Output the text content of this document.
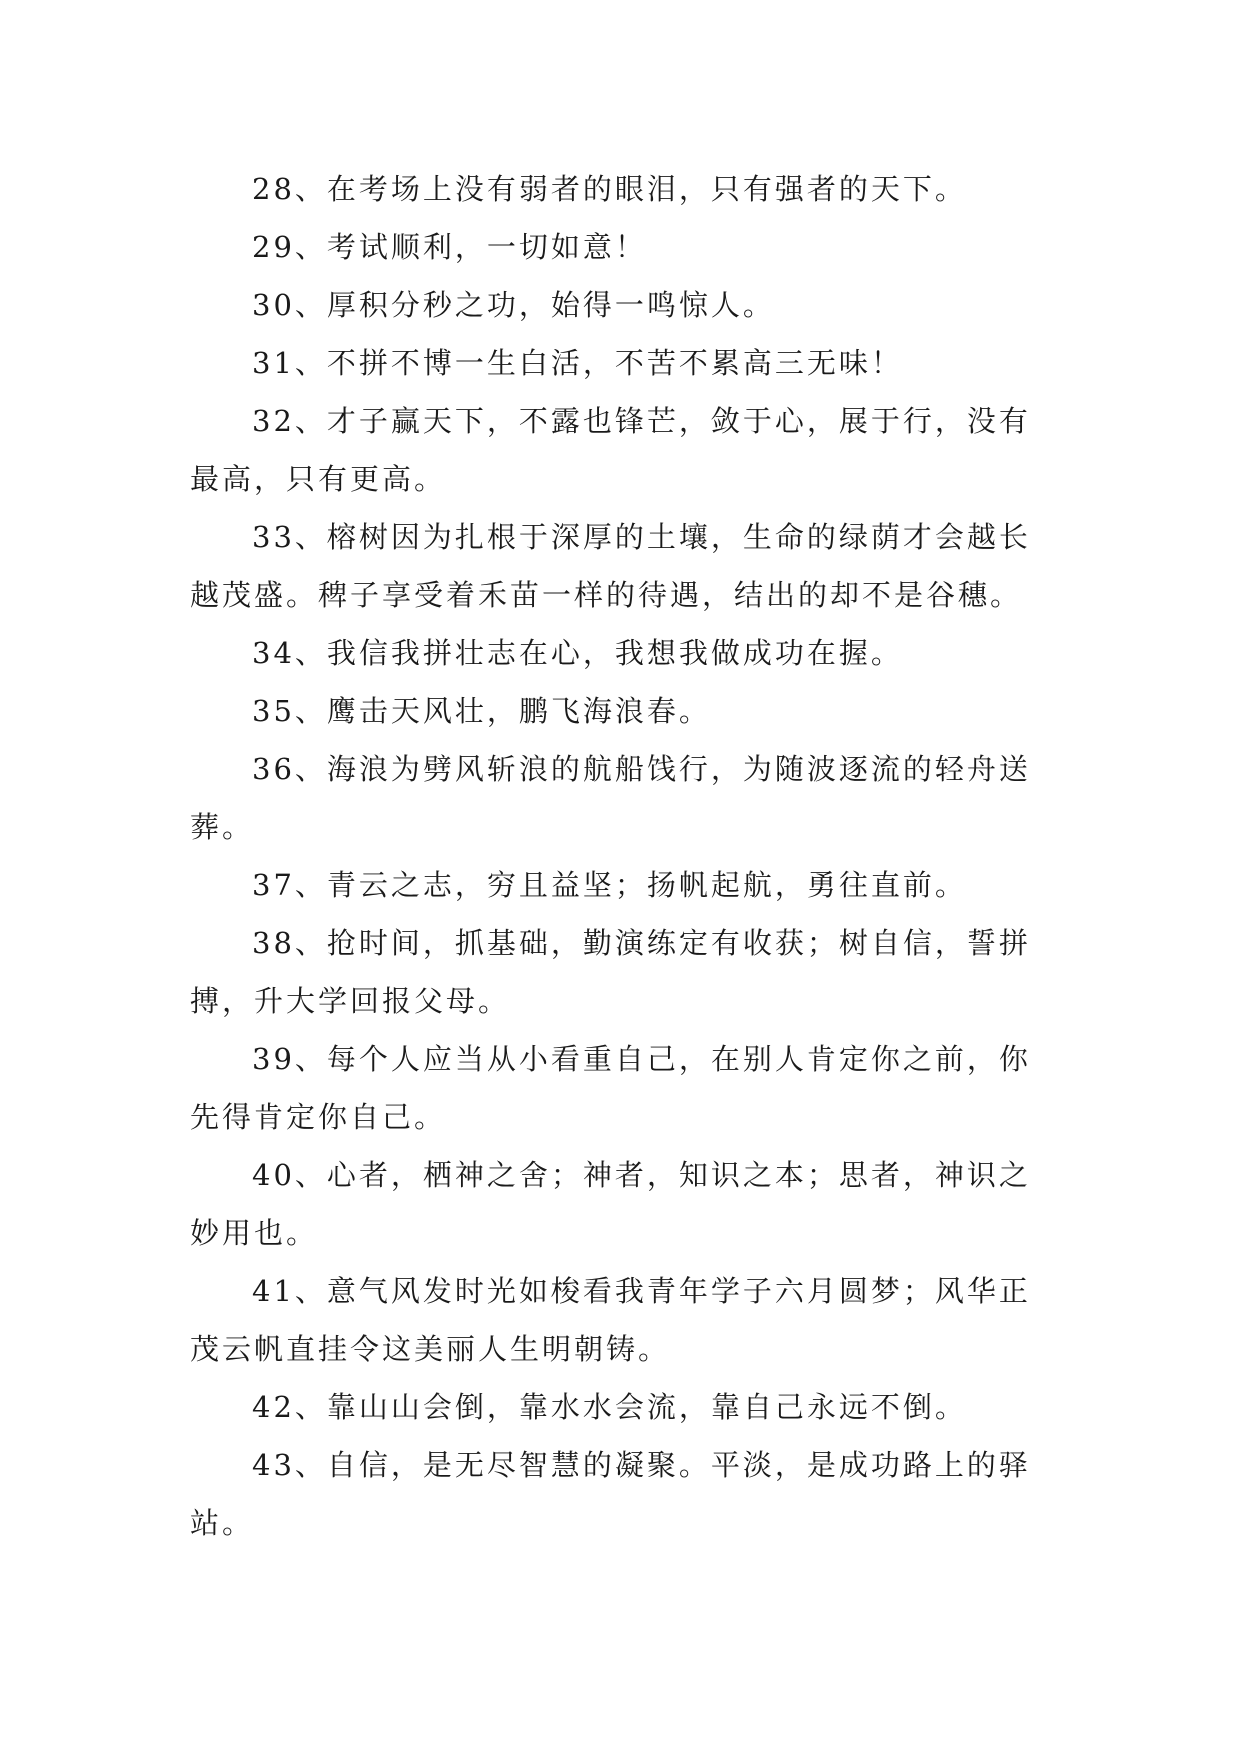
28、在考场上没有弱者的眼泪，只有强者的天下。

29、考试顺利，一切如意！

30、厚积分秒之功，始得一鸣惊人。

31、不拼不博一生白活，不苦不累高三无味！

32、才子赢天下，不露也锋芒，敛于心，展于行，没有最高，只有更高。

33、榕树因为扎根于深厚的土壤，生命的绿荫才会越长越茂盛。稗子享受着禾苗一样的待遇，结出的却不是谷穗。

34、我信我拼壮志在心，我想我做成功在握。

35、鹰击天风壮，鹏飞海浪春。

36、海浪为劈风斩浪的航船饯行，为随波逐流的轻舟送葬。

37、青云之志，穷且益坚；扬帆起航，勇往直前。

38、抢时间，抓基础，勤演练定有收获；树自信，誓拼搏，升大学回报父母。

39、每个人应当从小看重自己，在别人肯定你之前，你先得肯定你自己。

40、心者，栖神之舍；神者，知识之本；思者，神识之妙用也。

41、意气风发时光如梭看我青年学子六月圆梦；风华正茂云帆直挂令这美丽人生明朝铸。

42、靠山山会倒，靠水水会流，靠自己永远不倒。

43、自信，是无尽智慧的凝聚。平淡，是成功路上的驿站。
